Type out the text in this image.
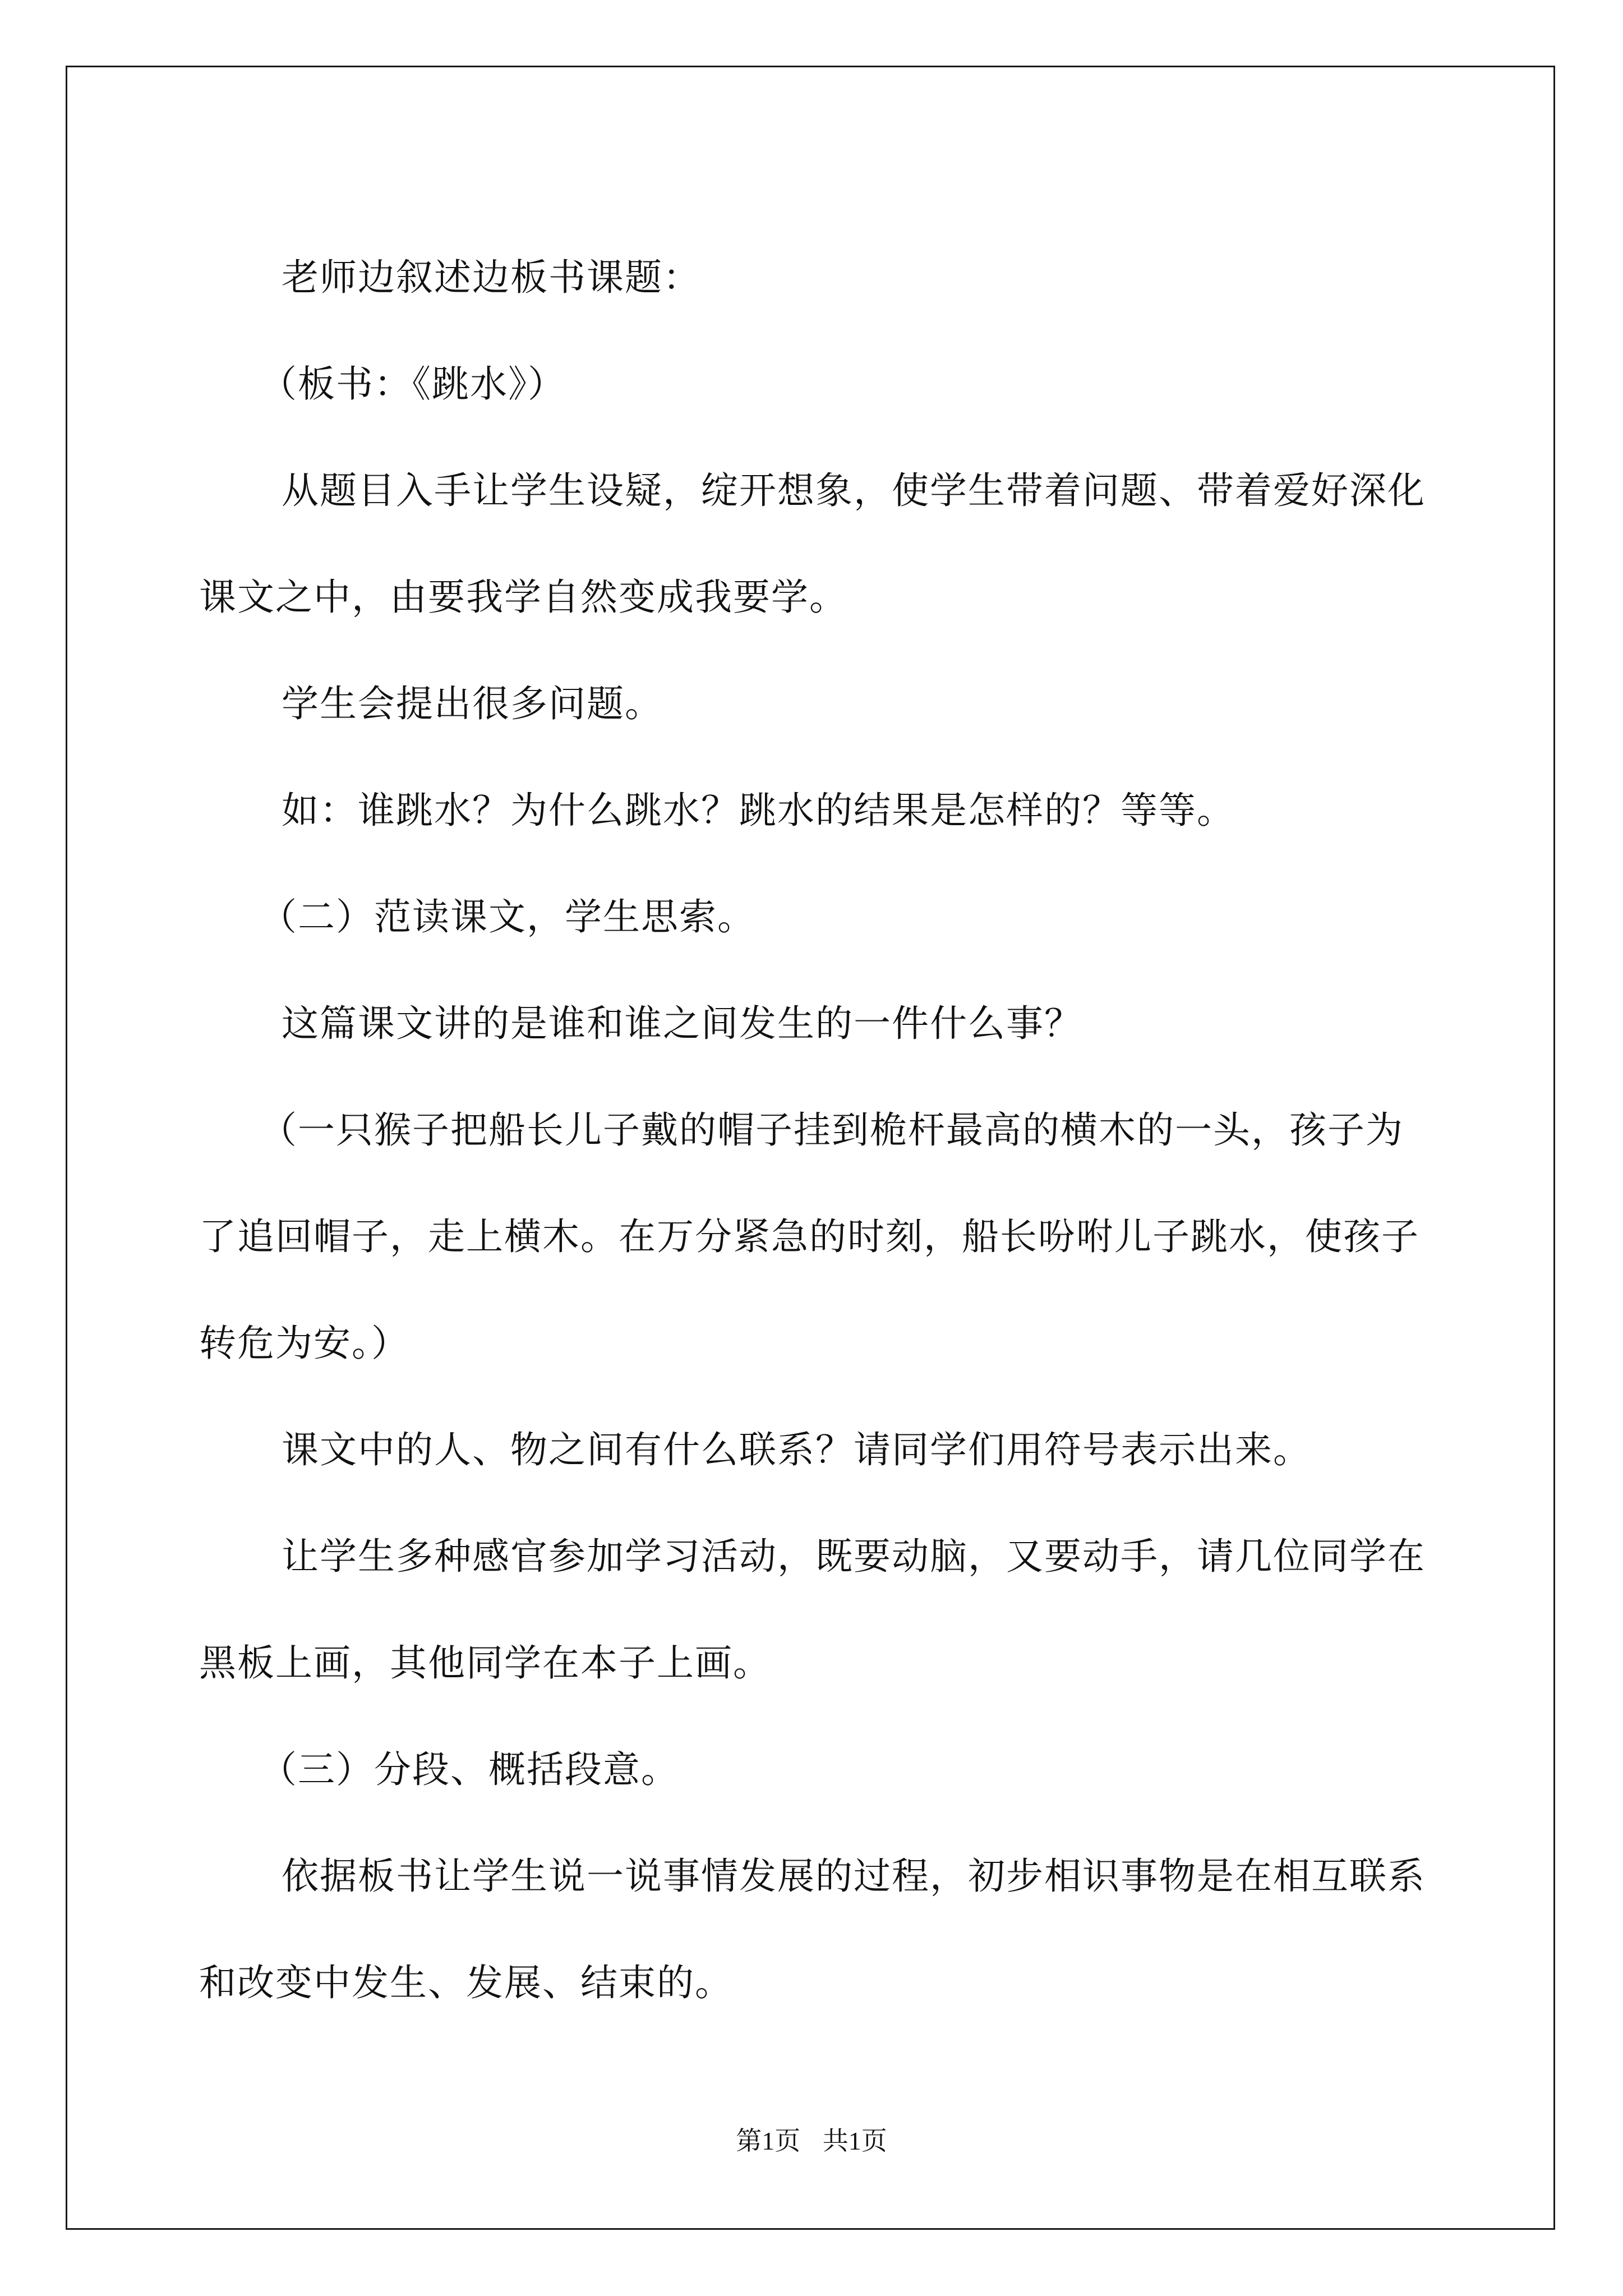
老师边叙述边板书课题：

（板书：《跳水》）

从题目入手让学生设疑，绽开想象，使学生带着问题、带着爱好深化课文之中，由要我学自然变成我要学。

学生会提出很多问题。

如：谁跳水？为什么跳水？跳水的结果是怎样的？等等。

（二）范读课文，学生思索。

这篇课文讲的是谁和谁之间发生的一件什么事？

（一只猴子把船长儿子戴的帽子挂到桅杆最高的横木的一头，孩子为了追回帽子，走上横木。在万分紧急的时刻，船长吩咐儿子跳水，使孩子转危为安。）

课文中的人、物之间有什么联系？请同学们用符号表示出来。

让学生多种感官参加学习活动，既要动脑，又要动手，请几位同学在黑板上画，其他同学在本子上画。

（三）分段、概括段意。

依据板书让学生说一说事情发展的过程，初步相识事物是在相互联系和改变中发生、发展、结束的。

第1页 共1页
